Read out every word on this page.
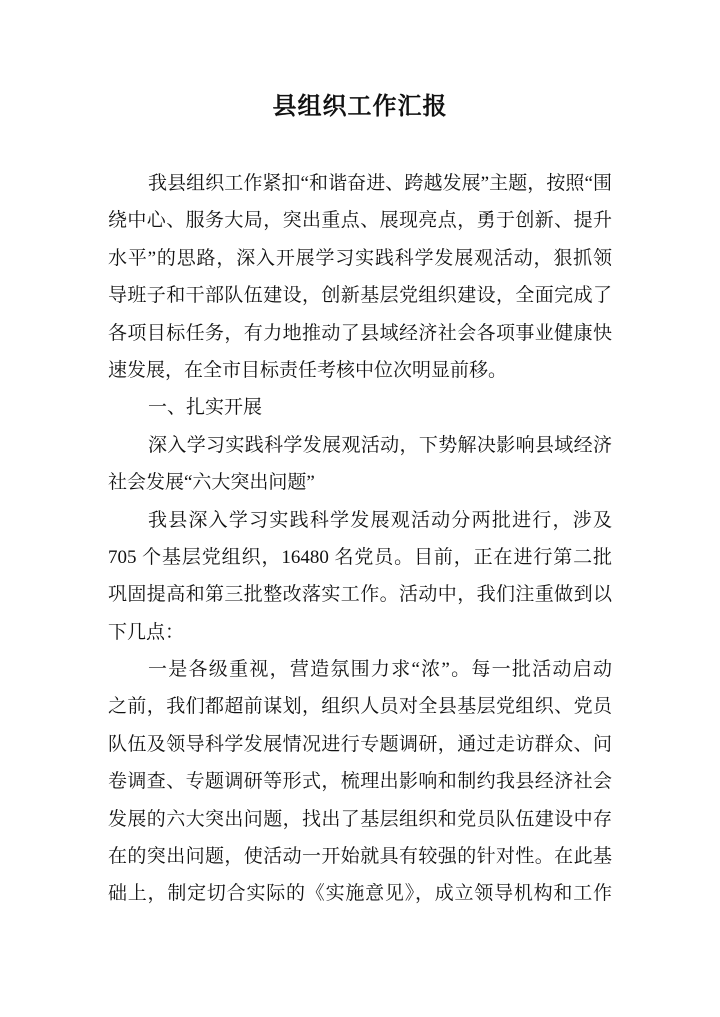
县组织工作汇报
我县组织工作紧扣“和谐奋进、跨越发展”主题，按照“围
绕中心、服务大局，突出重点、展现亮点，勇于创新、提升
水平”的思路，深入开展学习实践科学发展观活动，狠抓领
导班子和干部队伍建设，创新基层党组织建设，全面完成了
各项目标任务，有力地推动了县域经济社会各项事业健康快
速发展，在全市目标责任考核中位次明显前移。
一、扎实开展
深入学习实践科学发展观活动，下势解决影响县域经济
社会发展“六大突出问题”
我县深入学习实践科学发展观活动分两批进行，涉及
705 个基层党组织，16480 名党员。目前，正在进行第二批
巩固提高和第三批整改落实工作。活动中，我们注重做到以
下几点：
一是各级重视，营造氛围力求“浓”。每一批活动启动
之前，我们都超前谋划，组织人员对全县基层党组织、党员
队伍及领导科学发展情况进行专题调研，通过走访群众、问
卷调查、专题调研等形式，梳理出影响和制约我县经济社会
发展的六大突出问题，找出了基层组织和党员队伍建设中存
在的突出问题，使活动一开始就具有较强的针对性。在此基
础上，制定切合实际的《实施意见》，成立领导机构和工作
